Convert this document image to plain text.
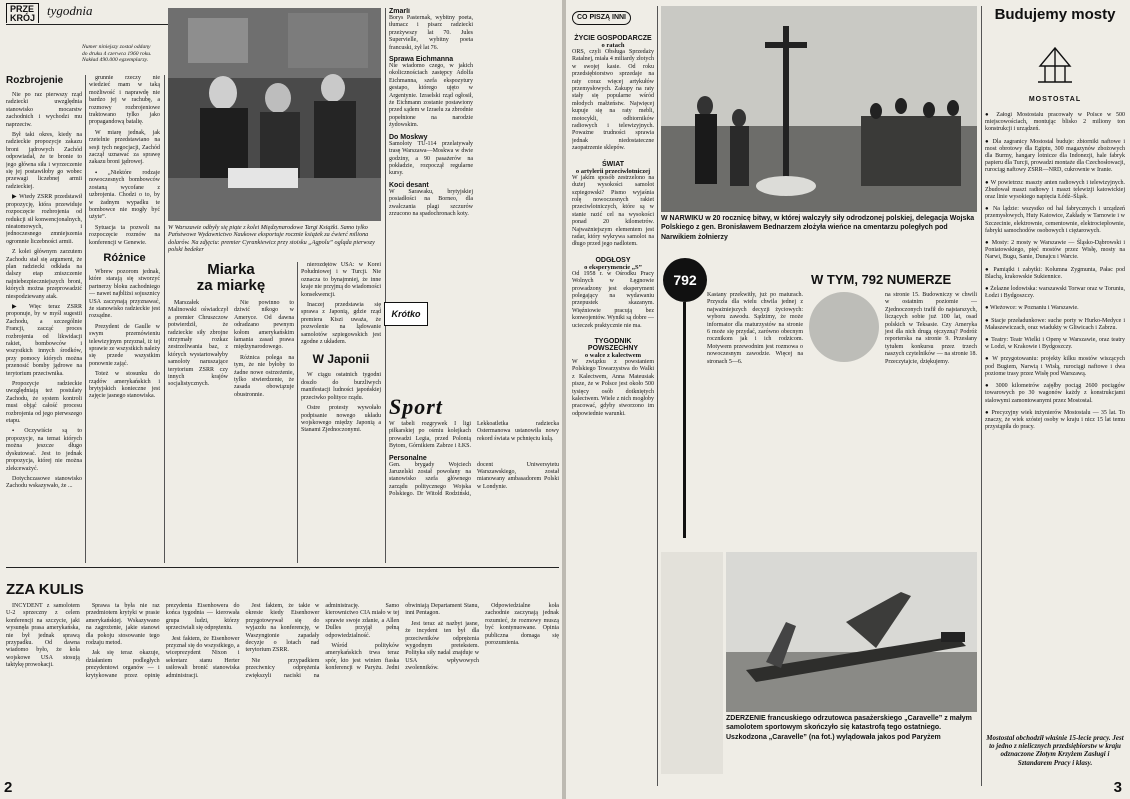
PRZE
KRÓJ $^{tygodnia}$
Numer niniejszy został oddany
do druku 4 czerwca 1960 roku.
Nakład 490.000 egzemplarzy.
Rozbrojenie

Nie po raz pierwszy rząd radziecki uwzględnia stanowisko mocarstw zachodnich i wychodzi mu naprzeciw.

Był taki okres, kiedy na radzieckie propozycje zakazu broni jądrowych Zachód odpowiadał, że te bronie to jego główna siła i wyrzeczenie się jej postawiłoby go wobec przewagi liczebnej armii radzieckiej.

▶ Wtedy ZSRR przedstawił propozycję, która przewiduje rozpoczęcie rozbrojenia od redukcji sił konwencjonalnych, nieatomowych, i jednoczesnego zmniejszenia ogromnie liczebności armii.

Z kolei głównym zarzutem Zachodu stał się argument, że plan radziecki odkłada na dalszy etap zniszczenie najniebezpieczniejszych broni, których można przeprowadzić niespodziewany atak.

▶ Więc teraz ZSRR proponuje, by w myśl sugestii Zachodu, a szczególnie Francji, zacząć proces rozbrojenia od likwidacji rakiet, bombowców i wszystkich innych środków, przy pomocy których można przenosić bomby jądrowe na terytorium przeciwnika.

Propozycje radzieckie uwzględniają też postulaty Zachodu, że system kontroli musi objąć całość procesu rozbrojenia od jego pierwszego etapu.

⬩ Oczywiście są to propozycje, na temat których można jeszcze długo dyskutować. Jest to jednak propozycja, której nie można zlekceważyć.

Dotychczasowe stanowisko Zachodu wskazywało, że ...

grunnie rzeczy nie wiedzieć mam w taką możliwość i naprawdę nie bardzo jej w rachubę, a rozmowy rozbrojeniowe traktowano tylko jako propagandową batalię.

W miarę jednak, jak rzetelnie przedstawiano na sesji tych negocjacji, Zachód zaczął uznawać za sprawę zakazu broni jądrowej.

⬩ „Niektóre rodzaje nowoczesnych bombowców zostaną wycofane z uzbrojenia. Chodzi o to, by w żadnym wypadku te bombowce nie mogły być użyte”.

Sytuacja ta pozwoli na rozpoczęcie rozmów na konferencji w Genewie.

Różnice

Wbrew pozorom jednak, które starają się stworzyć partnerzy bloku zachodniego — nawet najbliżsi sojusznicy USA zaczynają przyznawać, że stanowisko radzieckie jest rozsądne.

Prezydent de Gaulle w swym przemówieniu telewizyjnym przyznał, iż tej sprawie ze wszystkich należy się przede wszystkim ponownie zająć.

Toteż w stosunku do rządów amerykańskich i brytyjskich konieczne jest zajęcie jasnego stanowiska.

W Warszawie odbyły się piąte z kolei Międzynarodowe Targi Książki. Samo tylko Państwowe Wydawnictwo Naukowe eksportuje rocznie książek za ćwierć miliona dolarów. Na zdjęciu: premier Cyrankiewicz przy stoisku „Agpolu” ogląda pierwszy polski bedeker
Miarka
za miarkę

Marszałek Malinowski oświadczył a premier Chruszczow potwierdził, że radzieckie siły zbrojne otrzymały rozkaz zestrzeliwania baz, z których wystartowałyby samoloty naruszające terytorium ZSRR czy innych krajów socjalistycznych.

Nie powinno to dziwić nikogo w Ameryce. Od dawna odradzano pewnym kołom amerykańskim łamania zasad prawa międzynarodowego.

Różnica polega na tym, że nie byłoby to żadne nowe ostrzeżenie, tylko stwierdzenie, że zasada obowiązuje obustronnie.

nierozdętów USA: w Korei Południowej i w Turcji. Nie oznacza to bynajmniej, że inne kraje nie przyjmą do wiadomości konsekwencji.

Inaczej przedstawia się sprawa z Japonią, gdzie rząd premiera Kiszi uważa, że pozwolenie na lądowanie samolotów szpiegowskich jest zgodne z układem.

W Japonii

W ciągu ostatnich tygodni doszło do burzliwych manifestacji ludności japońskiej przeciwko polityce rządu.

Ostre protesty wywołało podpisanie nowego układu wojskowego między Japonią a Stanami Zjednoczonymi.

Zmarli
Borys Pasternak, wybitny poeta, tłumacz i pisarz radziecki przeżywszy lat 70. Jules Supervielle, wybitny poeta francuski, żył lat 76.
Sprawa Eichmanna
Nie wiadomo czego, w jakich okolicznościach zastępcy Adolfa Eichmanna, szefa ekspozytury gestapo, którego ujęto w Argentynie. Izraelski rząd ogłosił, że Eichmann zostanie postawiony przed sądem w Izraelu za zbrodnie popełnione na narodzie żydowskim.
Do Moskwy
Samoloty TU-114 przelatywały trasę Warszawa—Moskwa w dwie godziny, a 90 pasażerów na pokładzie, rozpoczął regularne kursy.
Koci desant
W Sarawaku, brytyjskiej posiadłości na Borneo, dla zwalczania plagi szczurów zrzucono na spadochronach koty.
Sport
W tabeli rozgrywek I ligi piłkarskiej po ośmiu kolejkach prowadzi Legia, przed Polonią Bytom, Górnikiem Zabrze i ŁKS. Lekkoatletka radziecka Ostermanowa ustanowiła nowy rekord świata w pchnięciu kulą.
Personalne
Gen. brygady Wojciech Jaruzelski został powołany na stanowisko szefa głównego zarządu politycznego Wojska Polskiego. Dr Witold Rodziński, docent Uniwersytetu Warszawskiego, został mianowany ambasadorem Polski w Londynie.
Krótko
ZZA KULIS

INCYDENT z samolotem U-2 sprzeczny z celem konferencji na szczycie, jaki wysunęła prasa amerykańska, nie był jednak sprawą przypadku. Od dawna wiadomo było, że kola wojskowe USA stosują taktykę prowokacji.

Sprawa ta była nie raz przedmiotem krytyki w prasie amerykańskiej. Wskazywano na zagrożenie, jakie stanowi dla pokoju stosowanie tego rodzaju metod.

Jak się teraz okazuje, działaniem podległych prezydentowi organów — i krytykowane przez opinię prezydenta Eisenhowera do końca tygodnia — kierowała grupa ludzi, którzy sprzeciwiali się odprężeniu.

Jest faktem, że Eisenhower przyznał się do wszystkiego, a wiceprezydent Nixon i sekretarz stanu Herter usiłowali bronić stanowiska administracji.

Jest faktem, że takie w okresie kiedy Eisenhower przygotowywał się do wyjazdu na konferencję, w Waszyngtonie zapadały decyzje o lotach nad terytorium ZSRR.

Nie przypadkiem przeciwnicy odprężenia zwiększyli naciski na administrację. Samo kierownictwo CIA miało w tej sprawie swoje zdanie, a Allen Dulles przyjął pełną odpowiedzialność.

Wśród polityków amerykańskich trwa teraz spór, kto jest winien fiaska konferencji w Paryżu. Jedni obwiniają Departament Stanu, inni Pentagon.

Jest teraz aż nazbyt jasne, że incydent ten był dla przeciwników odprężenia wygodnym pretekstem. Polityka siły nadal znajduje w USA wpływowych zwolenników.

Odpowiedzialne koła zachodnie zaczynają jednak rozumieć, że rozmowy muszą być kontynuowane. Opinia publiczna domaga się porozumienia.

2
CO PISZĄ INNI
ŻYCIE GOSPODARCZE
o ratach
ORS, czyli Obsługa Sprzedaży Ratalnej, miała 4 miliardy złotych w swojej kasie. Od roku przedsiębiorstwo sprzedaje na raty coraz więcej artykułów przemysłowych. Zakupy na raty stały się popularne wśród młodych małżeństw. Najwięcej kupuje się na raty mebli, motocykli, odbiorników radiowych i telewizyjnych. Poważne trudności sprawia jednak niedostateczne zaopatrzenie sklepów.
ŚWIAT
o artylerii przeciwlotniczej
W jakim sposób zestrzelono na dużej wysokości samolot szpiegowski? Pismo wyjaśnia rolę nowoczesnych rakiet przeciwlotniczych, które są w stanie razić cel na wysokości ponad 20 kilometrów. Najważniejszym elementem jest radar, który wykrywa samolot na długo przed jego nadlotem.
ODGŁOSY
o eksperymencie „S”
Od 1958 r. w Ośrodku Pracy Wolnych w Łęgnowie prowadzony jest eksperyment polegający na wydawaniu przepustek skazanym. Więźniowie pracują bez konwojentów. Wyniki są dobre — ucieczek praktycznie nie ma.
TYGODNIK POWSZECHNY
o walce z kalectwem
W związku z powstaniem Polskiego Towarzystwa do Walki z Kalectwem, Anna Mateusiak pisze, że w Polsce jest około 500 tysięcy osób dotkniętych kalectwem. Wiele z nich mogłoby pracować, gdyby stworzono im odpowiednie warunki.
W NARWIKU w 20 rocznicę bitwy, w której walczyły siły odrodzonej polskiej, delegacja Wojska Polskiego z gen. Bronisławem Bednarzem złożyła wieńce na cmentarzu poległych pod Narwikiem żołnierzy
792	W TYM, 792 NUMERZE
Kastany przekwitły, już po maturach. Przyszła dla wielu chwila jednej z najważniejszych decyzji życiowych: wyboru zawodu. Sądzimy, że może informator dla maturzystów na stronie 6 może się przydać, zarówno obecnym rocznikom jak i ich rodzicom. Motywem przewodnim jest rozmowa o nowoczesnym zawodzie. Więcej na stronach 5—6.
na stronie 15. Budowniczy w chwili w ostatnim poziomie — Zjednoczonych trafił do najstarszych, liczących sobie już 100 lat, osad polskich w Teksasie. Czy Ameryka jest dla nich drugą ojczyzną? Podróż reporterska na stronie 9. Przesłany tytułem konkursu przez trzech naszych czytelników — na stronie 18. Przeczytajcie, dziękujemy.
ZDERZENIE francuskiego odrzutowca pasażerskiego „Caravelle” z małym samolotem sportowym skończyło się katastrofą tego ostatniego. Uszkodzona „Caravelle” (na fot.) wylądowała jakos pod Paryżem
Budujemy mosty
MOSTOSTAL
● Załogi Mostostalu pracowały w Polsce w 500 miejscowościach, montując blisko 2 miliony ton konstrukcji i urządzeń.
● Dla zagranicy Mostostal buduje: zbiorniki naftowe i most obrotowy dla Egiptu, 300 magazynów zbożowych dla Burmy, hangary lotnicze dla Indonezji, hale fabryk papieru dla Turcji, prowadzi montaże dla Czechosłowacji, rurociąg naftowy ZSRR—NRD, cukrownie w Iranie.
● W powietrzu: maszty anten radiowych i telewizyjnych. Zbudował maszt radiowy i maszt telewizji katowickiej oraz linie wysokiego napięcia Łódź–Śląsk.
● Na lądzie: wszystko od hal fabrycznych i urządzeń przemysłowych, Huty Katowice, Zakłady w Tarnowie i w Szczecinie, elektrownie, cementownie, elektrociepłownie, fabryki samochodów osobowych i ciężarowych.
● Mosty: 2 mosty w Warszawie — Śląsko-Dąbrowski i Poniatowskiego, pięć mostów przez Wisłę, mosty na Narwi, Bugu, Sanie, Dunajcu i Warcie.
● Pamiątki i zabytki: Kolumna Zygmunta, Pałac pod Blachą, krakowskie Sukiennice.
● Żelazne lodowiska: warszawski Torwar oraz w Toruniu, Łodzi i Bydgoszczy.
● Wieżowce: w Poznaniu i Warszawie.
● Stacje przeładunkowe: suche porty w Hurko-Medyce i Małaszewiczach, oraz wiadukty w Gliwicach i Zabrzu.
● Teatry: Teatr Wielki i Operę w Warszawie, oraz teatry w Lodzi, w Krakowie i Bydgoszczy.
● W przygotowaniu: projekty kilku mostów wiszących pod Bugiem, Narwią i Wisłą, rurociągi naftowe i dwa poziome trasy przez Wisłę pod Warszawą.
● 3000 kilometrów zajęłby pociąg 2600 pociągów towarowych po 30 wagonów każdy z konstrukcjami stalowymi zamontowanymi przez Mostostal.
● Precyzyjny wiek inżynierów Mostostalu — 35 lat. To znaczy, że wiek szóstej osoby w kraju i nicz 15 lat temu przystąpiła do pracy.
Mostostal obchodził właśnie 15-lecie pracy. Jest to jedno z nielicznych przedsiębiorstw w kraju odznaczone Złotym Krzyżem Zasługi i Sztandarem Pracy i klasy.
3
